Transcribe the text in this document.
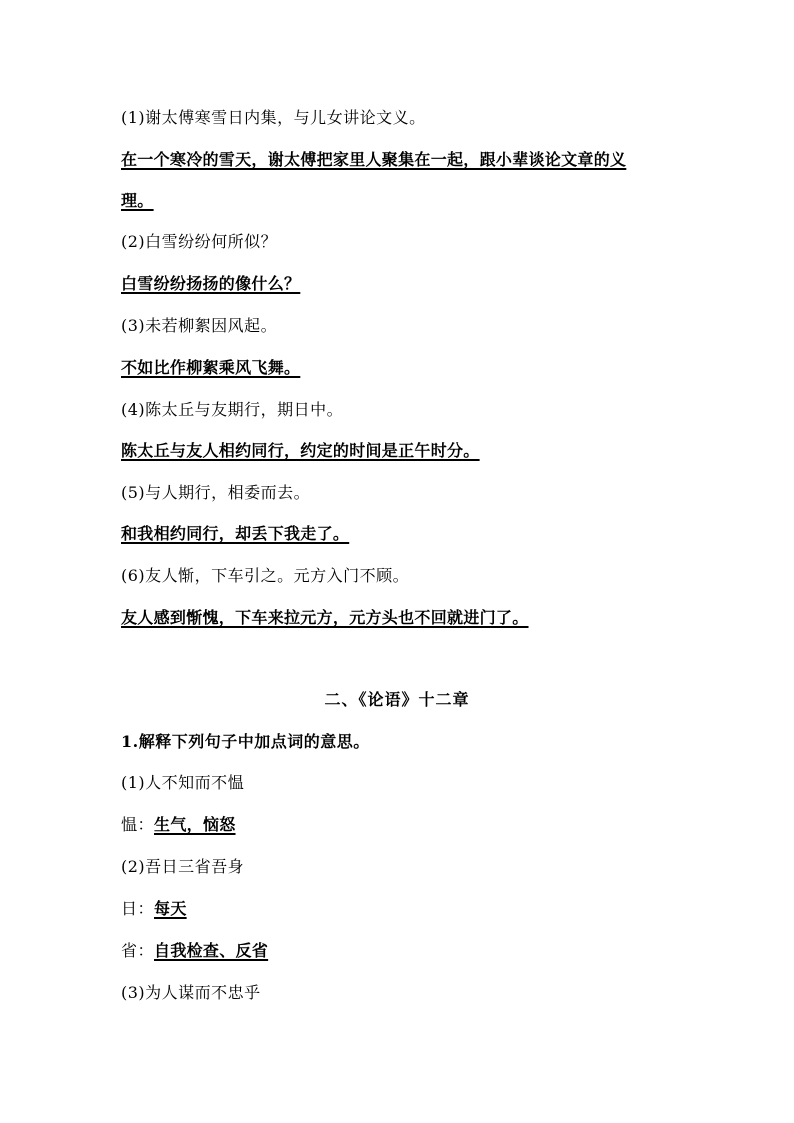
(1)谢太傅寒雪日内集，与儿女讲论文义。
在一个寒冷的雪天，谢太傅把家里人聚集在一起，跟小辈谈论文章的义
理。
(2)白雪纷纷何所似？
白雪纷纷扬扬的像什么？
(3)未若柳絮因风起。
不如比作柳絮乘风飞舞。
(4)陈太丘与友期行，期日中。
陈太丘与友人相约同行，约定的时间是正午时分。
(5)与人期行，相委而去。
和我相约同行，却丢下我走了。
(6)友人惭，下车引之。元方入门不顾。
友人感到惭愧，下车来拉元方，元方头也不回就进门了。
二、《论语》十二章
1.解释下列句子中加点词的意思。
(1)人不知而不愠
愠：生气，恼怒
(2)吾日三省吾身
日：每天
省：自我检查、反省
(3)为人谋而不忠乎
